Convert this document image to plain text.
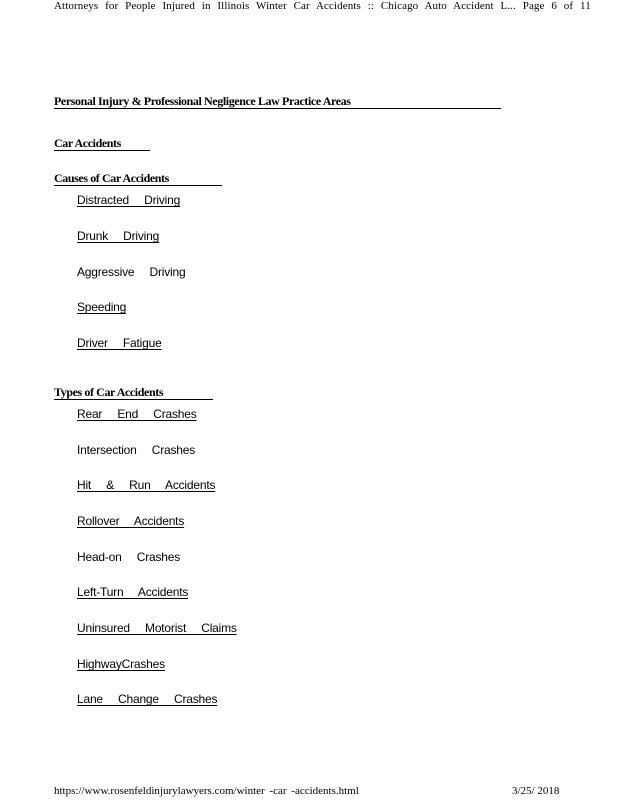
Attorneys for People Injured in Illinois Winter Car Accidents :: Chicago Auto Accident L... Page 6 of 11
Personal Injury & Professional Negligence Law Practice Areas
Car Accidents
Causes of Car Accidents
Distracted Driving
Drunk Driving
Aggressive Driving
Speeding
Driver Fatigue
Types of Car Accidents
Rear End Crashes
Intersection Crashes
Hit & Run Accidents
Rollover Accidents
Head-on Crashes
Left-Turn Accidents
Uninsured Motorist Claims
HighwayCrashes
Lane Change Crashes
https://www.rosenfeldinjurylawyers.com/winter -car -accidents.html	3/25/ 2018
